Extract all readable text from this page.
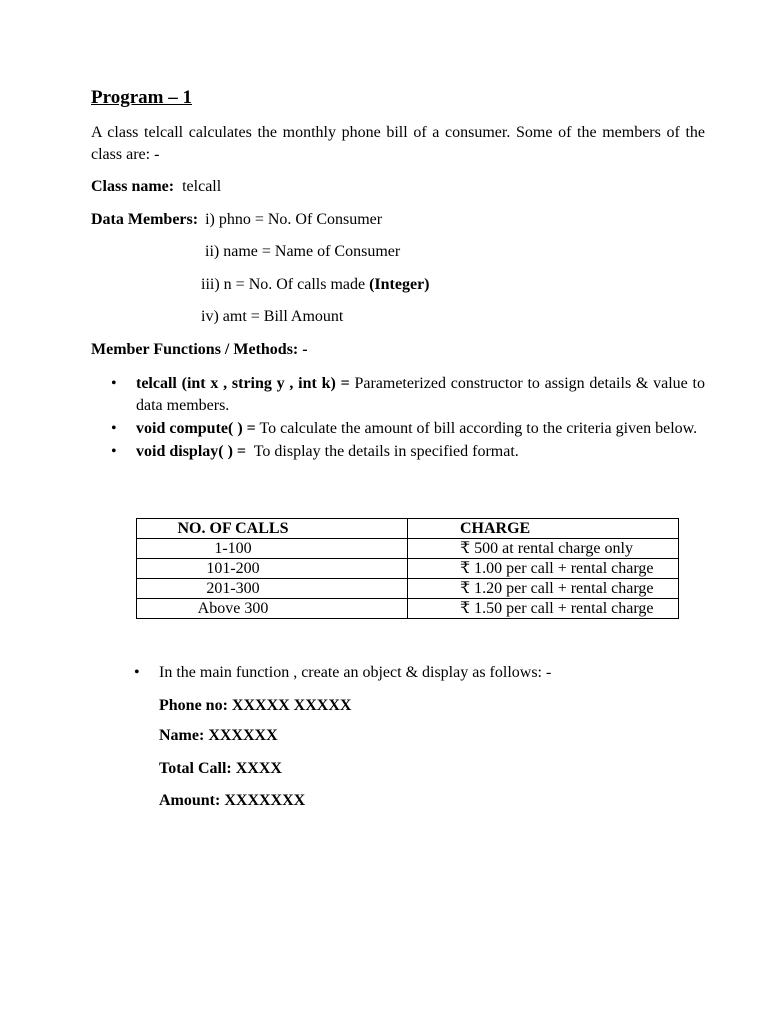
Program – 1
A class telcall calculates the monthly phone bill of a consumer. Some of the members of the class are: -
Class name: telcall
Data Members: i) phno = No. Of Consumer
ii) name = Name of Consumer
iii) n = No. Of calls made (Integer)
iv) amt = Bill Amount
Member Functions / Methods: -
• telcall (int x , string y , int k) = Parameterized constructor to assign details & value to data members.
• void compute( ) = To calculate the amount of bill according to the criteria given below.
• void display( ) =  To display the details in specified format.
NO. OF CALLS	CHARGE

1-100	₹ 500 at rental charge only

101-200	₹ 1.00 per call + rental charge

201-300	₹ 1.20 per call + rental charge

Above 300	₹ 1.50 per call + rental charge
• In the main function , create an object & display as follows: -
Phone no: XXXXX XXXXX
Name: XXXXXX
Total Call: XXXX
Amount: XXXXXXX
